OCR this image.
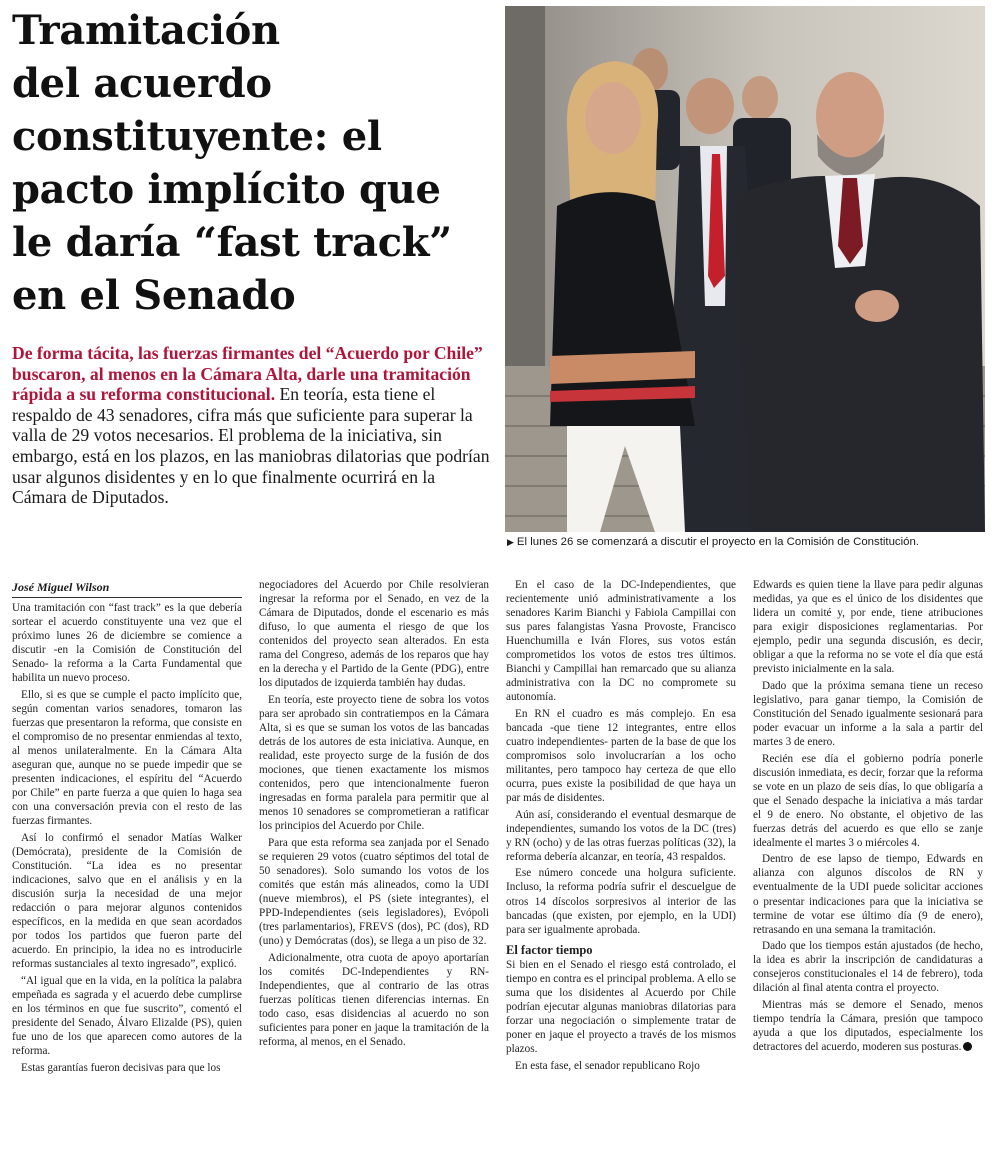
Tramitación
del acuerdo
constituyente: el
pacto implícito que
le daría “fast track”
en el Senado
De forma tácita, las fuerzas firmantes del “Acuerdo por Chile” buscaron, al menos en la Cámara Alta, darle una tramitación rápida a su reforma constitucional. En teoría, esta tiene el respaldo de 43 senadores, cifra más que suficiente para superar la valla de 29 votos necesarios. El problema de la iniciativa, sin embargo, está en los plazos, en las maniobras dilatorias que podrían usar algunos disidentes y en lo que finalmente ocurrirá en la Cámara de Diputados.
▶ El lunes 26 se comenzará a discutir el proyecto en la Comisión de Constitución.
José Miguel Wilson

Una tramitación con “fast track” es la que debería sortear el acuerdo constituyente una vez que el próximo lunes 26 de diciembre se comience a discutir -en la Comisión de Constitución del Senado- la reforma a la Carta Fundamental que habilita un nuevo proceso.

Ello, si es que se cumple el pacto implícito que, según comentan varios senadores, tomaron las fuerzas que presentaron la reforma, que consiste en el compromiso de no presentar enmiendas al texto, al menos unilateralmente. En la Cámara Alta aseguran que, aunque no se puede impedir que se presenten indicaciones, el espíritu del “Acuerdo por Chile” en parte fuerza a que quien lo haga sea con una conversación previa con el resto de las fuerzas firmantes.

Así lo confirmó el senador Matías Walker (Demócrata), presidente de la Comisión de Constitución. “La idea es no presentar indicaciones, salvo que en el análisis y en la discusión surja la necesidad de una mejor redacción o para mejorar algunos contenidos específicos, en la medida en que sean acordados por todos los partidos que fueron parte del acuerdo. En principio, la idea no es introducirle reformas sustanciales al texto ingresado”, explicó.

“Al igual que en la vida, en la política la palabra empeñada es sagrada y el acuerdo debe cumplirse en los términos en que fue suscrito”, comentó el presidente del Senado, Álvaro Elizalde (PS), quien fue uno de los que aparecen como autores de la reforma.

Estas garantías fueron decisivas para que los

negociadores del Acuerdo por Chile resolvieran ingresar la reforma por el Senado, en vez de la Cámara de Diputados, donde el escenario es más difuso, lo que aumenta el riesgo de que los contenidos del proyecto sean alterados. En esta rama del Congreso, además de los reparos que hay en la derecha y el Partido de la Gente (PDG), entre los diputados de izquierda también hay dudas.

En teoría, este proyecto tiene de sobra los votos para ser aprobado sin contratiempos en la Cámara Alta, si es que se suman los votos de las bancadas detrás de los autores de esta iniciativa. Aunque, en realidad, este proyecto surge de la fusión de dos mociones, que tienen exactamente los mismos contenidos, pero que intencionalmente fueron ingresadas en forma paralela para permitir que al menos 10 senadores se comprometieran a ratificar los principios del Acuerdo por Chile.

Para que esta reforma sea zanjada por el Senado se requieren 29 votos (cuatro séptimos del total de 50 senadores). Solo sumando los votos de los comités que están más alineados, como la UDI (nueve miembros), el PS (siete integrantes), el PPD-Independientes (seis legisladores), Evópoli (tres parlamentarios), FREVS (dos), PC (dos), RD (uno) y Demócratas (dos), se llega a un piso de 32.

Adicionalmente, otra cuota de apoyo aportarían los comités DC-Independientes y RN-Independientes, que al contrario de las otras fuerzas políticas tienen diferencias internas. En todo caso, esas disidencias al acuerdo no son suficientes para poner en jaque la tramitación de la reforma, al menos, en el Senado.

En el caso de la DC-Independientes, que recientemente unió administrativamente a los senadores Karim Bianchi y Fabiola Campillai con sus pares falangistas Yasna Provoste, Francisco Huenchumilla e Iván Flores, sus votos están comprometidos los votos de estos tres últimos. Bianchi y Campillai han remarcado que su alianza administrativa con la DC no compromete su autonomía.

En RN el cuadro es más complejo. En esa bancada -que tiene 12 integrantes, entre ellos cuatro independientes- parten de la base de que los compromisos solo involucrarían a los ocho militantes, pero tampoco hay certeza de que ello ocurra, pues existe la posibilidad de que haya un par más de disidentes.

Aún así, considerando el eventual desmarque de independientes, sumando los votos de la DC (tres) y RN (ocho) y de las otras fuerzas políticas (32), la reforma debería alcanzar, en teoría, 43 respaldos.

Ese número concede una holgura suficiente. Incluso, la reforma podría sufrir el descuelgue de otros 14 díscolos sorpresivos al interior de las bancadas (que existen, por ejemplo, en la UDI) para ser igualmente aprobada.

El factor tiempo

Si bien en el Senado el riesgo está controlado, el tiempo en contra es el principal problema. A ello se suma que los disidentes al Acuerdo por Chile podrían ejecutar algunas maniobras dilatorias para forzar una negociación o simplemente tratar de poner en jaque el proyecto a través de los mismos plazos.

En esta fase, el senador republicano Rojo

Edwards es quien tiene la llave para pedir algunas medidas, ya que es el único de los disidentes que lidera un comité y, por ende, tiene atribuciones para exigir disposiciones reglamentarias. Por ejemplo, pedir una segunda discusión, es decir, obligar a que la reforma no se vote el día que está previsto inicialmente en la sala.

Dado que la próxima semana tiene un receso legislativo, para ganar tiempo, la Comisión de Constitución del Senado igualmente sesionará para poder evacuar un informe a la sala a partir del martes 3 de enero.

Recién ese día el gobierno podría ponerle discusión inmediata, es decir, forzar que la reforma se vote en un plazo de seis días, lo que obligaría a que el Senado despache la iniciativa a más tardar el 9 de enero. No obstante, el objetivo de las fuerzas detrás del acuerdo es que ello se zanje idealmente el martes 3 o miércoles 4.

Dentro de ese lapso de tiempo, Edwards en alianza con algunos díscolos de RN y eventualmente de la UDI puede solicitar acciones o presentar indicaciones para que la iniciativa se termine de votar ese último día (9 de enero), retrasando en una semana la tramitación.

Dado que los tiempos están ajustados (de hecho, la idea es abrir la inscripción de candidaturas a consejeros constitucionales el 14 de febrero), toda dilación al final atenta contra el proyecto.

Mientras más se demore el Senado, menos tiempo tendría la Cámara, presión que tampoco ayuda a que los diputados, especialmente los detractores del acuerdo, moderen sus posturas.
